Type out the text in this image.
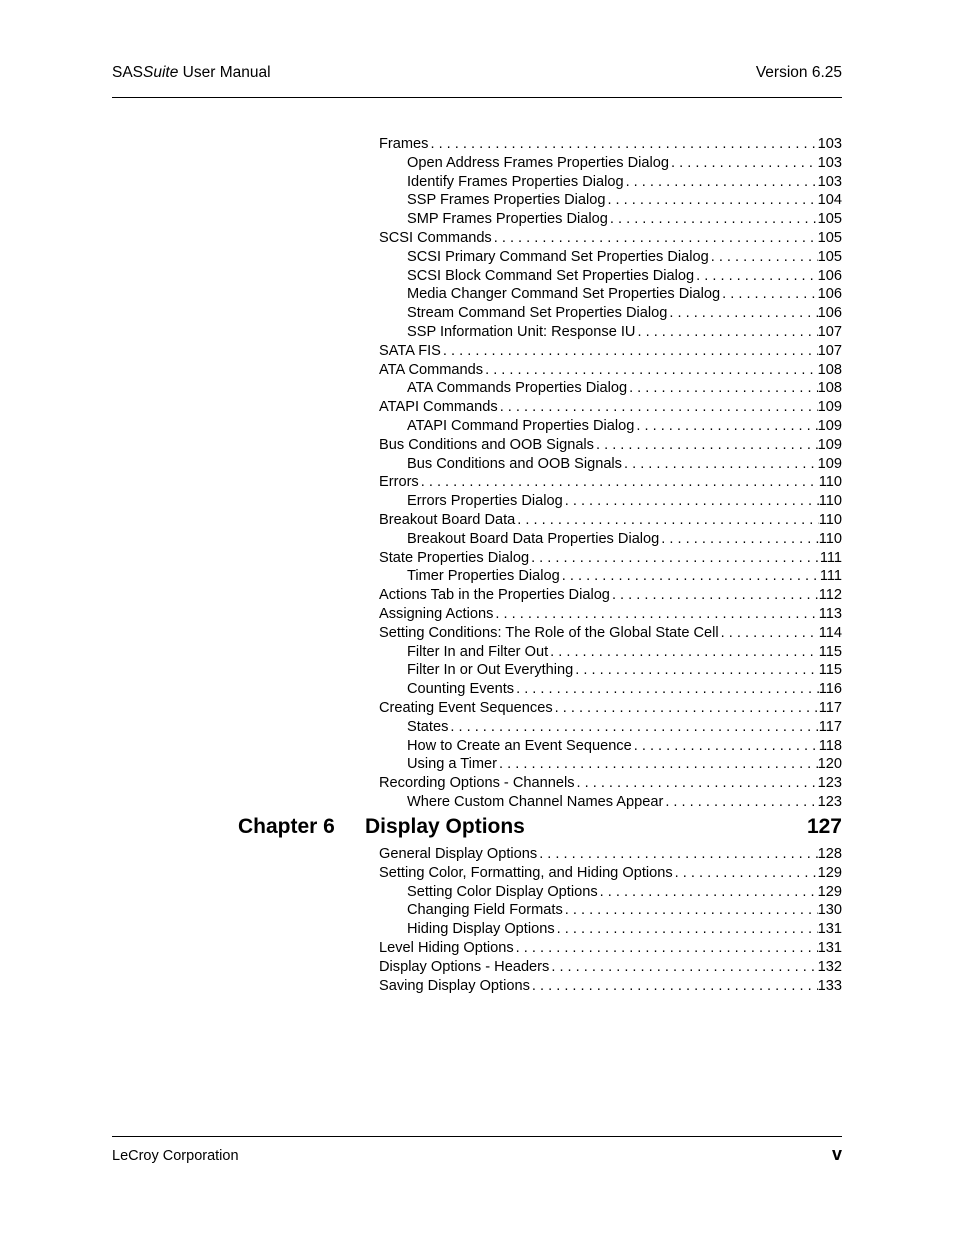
SASSuite User Manual	Version 6.25
Frames . . .	103
Open Address Frames Properties Dialog . . .	103
Identify Frames Properties Dialog . . .	103
SSP Frames Properties Dialog . . .	104
SMP Frames Properties Dialog . . .	105
SCSI Commands . . .	105
SCSI Primary Command Set Properties Dialog . . .	105
SCSI Block Command Set Properties Dialog . . .	106
Media Changer Command Set Properties Dialog . . .	106
Stream Command Set Properties Dialog . . .	106
SSP Information Unit: Response IU . . .	107
SATA FIS . . .	107
ATA Commands . . .	108
ATA Commands Properties Dialog . . .	108
ATAPI Commands . . .	109
ATAPI Command Properties Dialog . . .	109
Bus Conditions and OOB Signals . . .	109
Bus Conditions and OOB Signals . . .	109
Errors . . .	110
Errors Properties Dialog . . .	110
Breakout Board Data . . .	110
Breakout Board Data Properties Dialog . . .	110
State Properties Dialog . . .	111
Timer Properties Dialog . . .	111
Actions Tab in the Properties Dialog . . .	112
Assigning Actions . . .	113
Setting Conditions: The Role of the Global State Cell . . .	114
Filter In and Filter Out . . .	115
Filter In or Out Everything . . .	115
Counting Events . . .	116
Creating Event Sequences . . .	117
States . . .	117
How to Create an Event Sequence . . .	118
Using a Timer . . .	120
Recording Options - Channels . . .	123
Where Custom Channel Names Appear . . .	123
Chapter 6 Display Options	127
General Display Options . . .	128
Setting Color, Formatting, and Hiding Options . . .	129
Setting Color Display Options . . .	129
Changing Field Formats . . .	130
Hiding Display Options . . .	131
Level Hiding Options . . .	131
Display Options - Headers . . .	132
Saving Display Options . . .	133
LeCroy Corporation	v
